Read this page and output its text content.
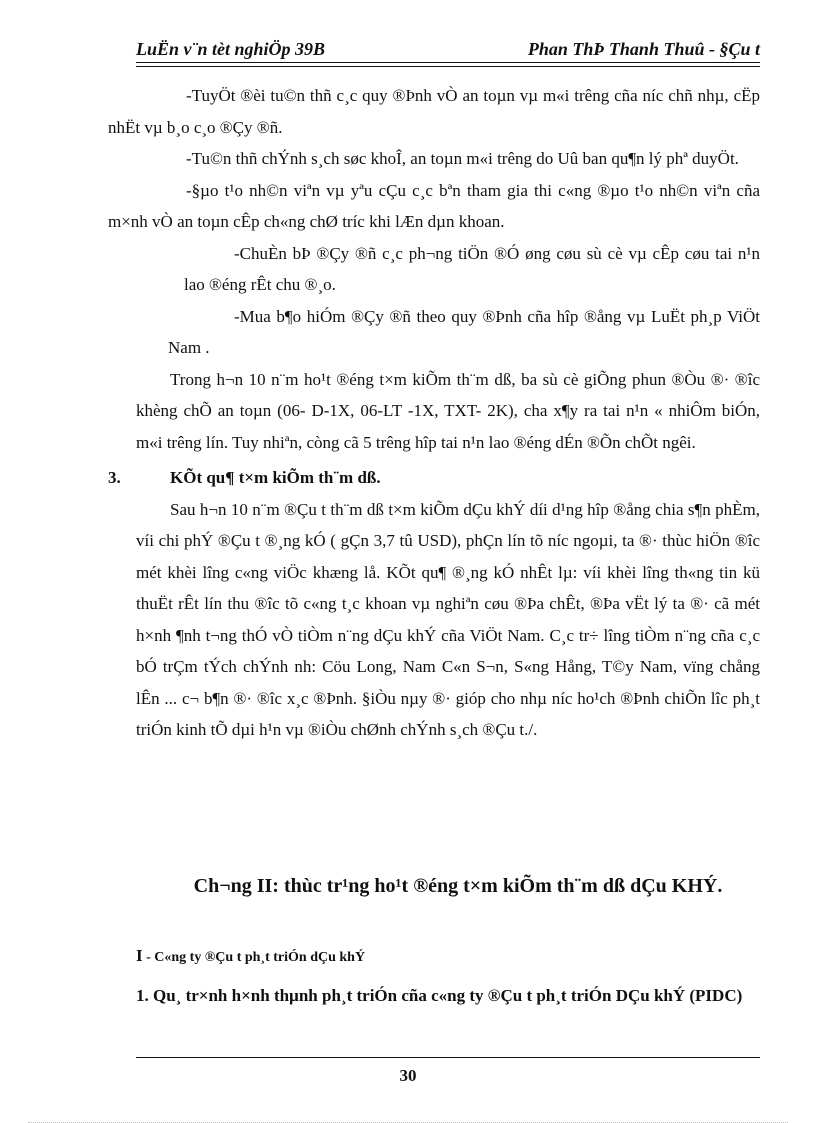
LuËn v¨n tèt nghiÖp 39B	Phan ThÞ Thanh Thuû - §Çu t

-TuyÖt ®èi tu©n thñ c¸c quy ®Þnh vÒ an toµn vµ m«i trêng cña níc chñ nhµ, cËp nhËt vµ b¸o c¸o ®Çy ®ñ.

-Tu©n thñ chÝnh s¸ch søc khoÎ, an toµn m«i trêng do Uû ban qu¶n lý phª duyÖt.

-§µo t¹o nh©n viªn vµ yªu cÇu c¸c bªn tham gia thi c«ng ®µo t¹o nh©n viªn cña m×nh vÒ an toµn cÊp ch«ng chØ tríc khi lÆn dµn khoan.

-ChuÈn bÞ ®Çy ®ñ c¸c ph¬ng tiÖn ®Ó øng cøu sù cè vµ cÊp cøu tai n¹n lao ®éng rÊt chu ®¸o.

-Mua b¶o hiÓm ®Çy ®ñ theo quy ®Þnh cña hîp ®ång vµ LuËt ph¸p ViÖt Nam .

Trong h¬n 10 n¨m ho¹t ®éng t×m kiÕm th¨m dß, ba sù cè giÕng phun ®Òu ®· ®îc khèng chÕ an toµn (06- D-1X, 06-LT -1X, TXT- 2K), cha x¶y ra tai n¹n « nhiÔm biÓn, m«i trêng lín. Tuy nhiªn, còng cã 5 trêng hîp tai n¹n lao ®éng dÉn ®Õn chÕt ngêi.

3.	KÕt qu¶ t×m kiÕm th¨m dß.

Sau h¬n 10 n¨m ®Çu t th¨m dß t×m kiÕm dÇu khÝ díi d¹ng hîp ®ång chia s¶n phÈm, víi chi phÝ ®Çu t ®¸ng kÓ ( gÇn 3,7 tû USD), phÇn lín tõ níc ngoµi, ta ®· thùc hiÖn ®îc mét khèi lîng c«ng viÖc khæng lå. KÕt qu¶ ®¸ng kÓ nhÊt lµ: víi khèi lîng th«ng tin kü thuËt rÊt lín thu ®îc tõ c«ng t¸c khoan vµ nghiªn cøu ®Þa chÊt, ®Þa vËt lý ta ®· cã mét h×nh ¶nh t¬ng thÓ vÒ tiÒm n¨ng dÇu khÝ cña ViÖt Nam. C¸c tr÷ lîng tiÒm n¨ng cña c¸c bÓ trÇm tÝch chÝnh nh: Cöu Long, Nam C«n S¬n, S«ng Hång, T©y Nam, vïng chång lÊn ... c¬ b¶n ®· ®îc x¸c ®Þnh. §iÒu nµy ®· gióp cho nhµ níc ho¹ch ®Þnh chiÕn lîc ph¸t triÓn kinh tÕ dµi h¹n vµ ®iÒu chØnh chÝnh s¸ch ®Çu t./.

Ch¬ng II: thùc tr¹ng ho¹t ®éng t×m kiÕm th¨m dß dÇu KHÝ.
I - C«ng ty ®Çu t ph¸t triÓn dÇu khÝ
1. Qu¸ tr×nh h×nh thµnh ph¸t triÓn cña c«ng ty ®Çu t ph¸t triÓn DÇu khÝ (PIDC)
30
